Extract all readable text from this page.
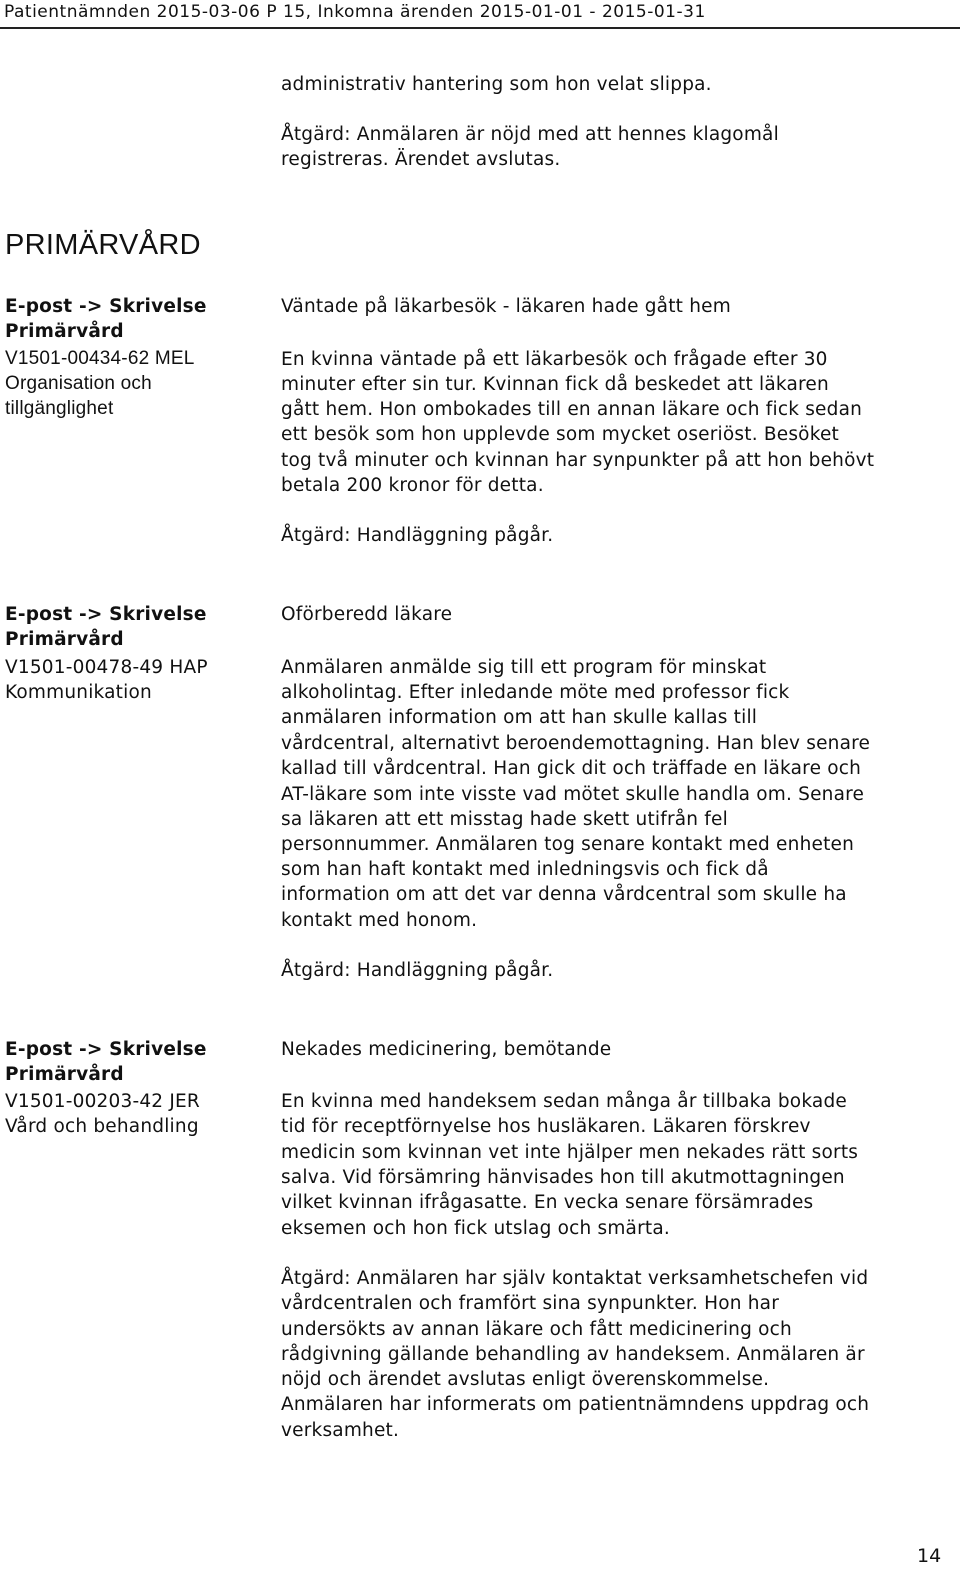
Patientnämnden 2015-03-06 P 15, Inkomna ärenden 2015-01-01 - 2015-01-31
administrativ hantering som hon velat slippa.
Åtgärd: Anmälaren är nöjd med att hennes klagomål
registreras. Ärendet avslutas.
PRIMÄRVÅRD
E-post -> Skrivelse
Primärvård
V1501-00434-62 MEL
Organisation och
tillgänglighet
Väntade på läkarbesök - läkaren hade gått hem
En kvinna väntade på ett läkarbesök och frågade efter 30
minuter efter sin tur. Kvinnan fick då beskedet att läkaren
gått hem. Hon ombokades till en annan läkare och fick sedan
ett besök som hon upplevde som mycket oseriöst. Besöket
tog två minuter och kvinnan har synpunkter på att hon behövt
betala 200 kronor för detta.
Åtgärd: Handläggning pågår.
E-post -> Skrivelse
Primärvård
V1501-00478-49 HAP
Kommunikation
Oförberedd läkare
Anmälaren anmälde sig till ett program för minskat
alkoholintag. Efter inledande möte med professor fick
anmälaren information om att han skulle kallas till
vårdcentral, alternativt beroendemottagning. Han blev senare
kallad till vårdcentral. Han gick dit och träffade en läkare och
AT-läkare som inte visste vad mötet skulle handla om. Senare
sa läkaren att ett misstag hade skett utifrån fel
personnummer. Anmälaren tog senare kontakt med enheten
som han haft kontakt med inledningsvis och fick då
information om att det var denna vårdcentral som skulle ha
kontakt med honom.
Åtgärd: Handläggning pågår.
E-post -> Skrivelse
Primärvård
V1501-00203-42 JER
Vård och behandling
Nekades medicinering, bemötande
En kvinna med handeksem sedan många år tillbaka bokade
tid för receptförnyelse hos husläkaren. Läkaren förskrev
medicin som kvinnan vet inte hjälper men nekades rätt sorts
salva. Vid försämring hänvisades hon till akutmottagningen
vilket kvinnan ifrågasatte. En vecka senare försämrades
eksemen och hon fick utslag och smärta.
Åtgärd: Anmälaren har själv kontaktat verksamhetschefen vid
vårdcentralen och framfört sina synpunkter. Hon har
undersökts av annan läkare och fått medicinering och
rådgivning gällande behandling av handeksem. Anmälaren är
nöjd och ärendet avslutas enligt överenskommelse.
Anmälaren har informerats om patientnämndens uppdrag och
verksamhet.
14
